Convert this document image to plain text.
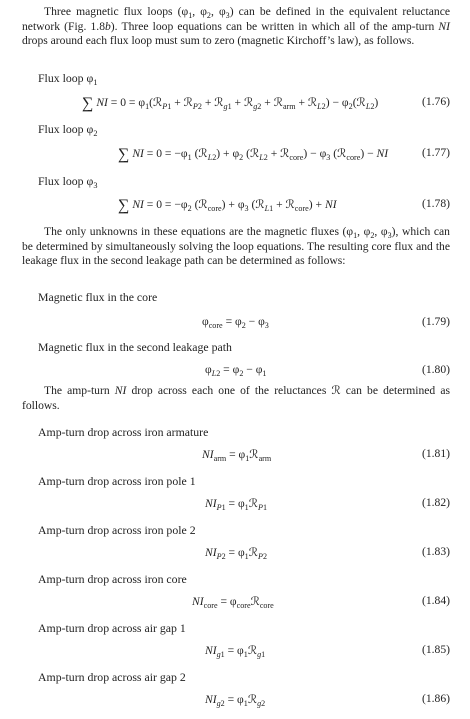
Three magnetic flux loops ($\varphi_1$, $\varphi_2$, $\varphi_3$) can be defined in the equivalent reluctance network (Fig. 1.8b). Three loop equations can be written in which all of the amp-turn NI drops around each flux loop must sum to zero (magnetic Kirchoff’s law), as follows.

Flux loop $\varphi_1$
∑ NI = $0 = \varphi_1(ℛ_{P1}$ + ℛ$_{P2}$ + ℛ$_{g1}$ + ℛ$_{g2}$ + ℛ$_{arm}$ + ℛ$_{L2}$) − $\varphi_2(ℛ_{L2})$	(1.76)
Flux loop $\varphi_2$
∑ NI = $0 = -\varphi_1$ (ℛ$_{L2}$) + $\varphi_2$ (ℛ$_{L2}$ + ℛ$_{core}$) − $\varphi_3$ (ℛ$_{core}$) − NI	(1.77)
Flux loop $\varphi_3$
∑ NI = $0 = -\varphi_2$ (ℛ$_{core}$) + $\varphi_3$ (ℛ$_{L1}$ + ℛ$_{core}$) + NI	(1.78)

The only unknowns in these equations are the magnetic fluxes ($\varphi_1$, $\varphi_2$, $\varphi_3$), which can be determined by simultaneously solving the loop equations. The resulting core flux and the leakage flux in the second leakage path can be determined as follows:

Magnetic flux in the core
$\varphi_{core} = \varphi_2 - \varphi_3$	(1.79)
Magnetic flux in the second leakage path
$\varphi_{L2} = \varphi_2 - \varphi_1$	(1.80)

The amp-turn NI drop across each one of the reluctances ℛ can be determined as follows.

Amp-turn drop across iron armature
$NI_{arm}$ = $\varphi_1ℛ_{arm}$	(1.81)
Amp-turn drop across iron pole 1
$NI_{P1}$ = $\varphi_1ℛ_{P1}$	(1.82)
Amp-turn drop across iron pole 2
$NI_{P2}$ = $\varphi_1ℛ_{P2}$	(1.83)
Amp-turn drop across iron core
$NI_{core}$ = $\varphi_{core}ℛ_{core}$	(1.84)
Amp-turn drop across air gap 1
$NI_{g1}$ = $\varphi_1ℛ_{g1}$	(1.85)
Amp-turn drop across air gap 2
$NI_{g2}$ = $\varphi_1ℛ_{g2}$	(1.86)
